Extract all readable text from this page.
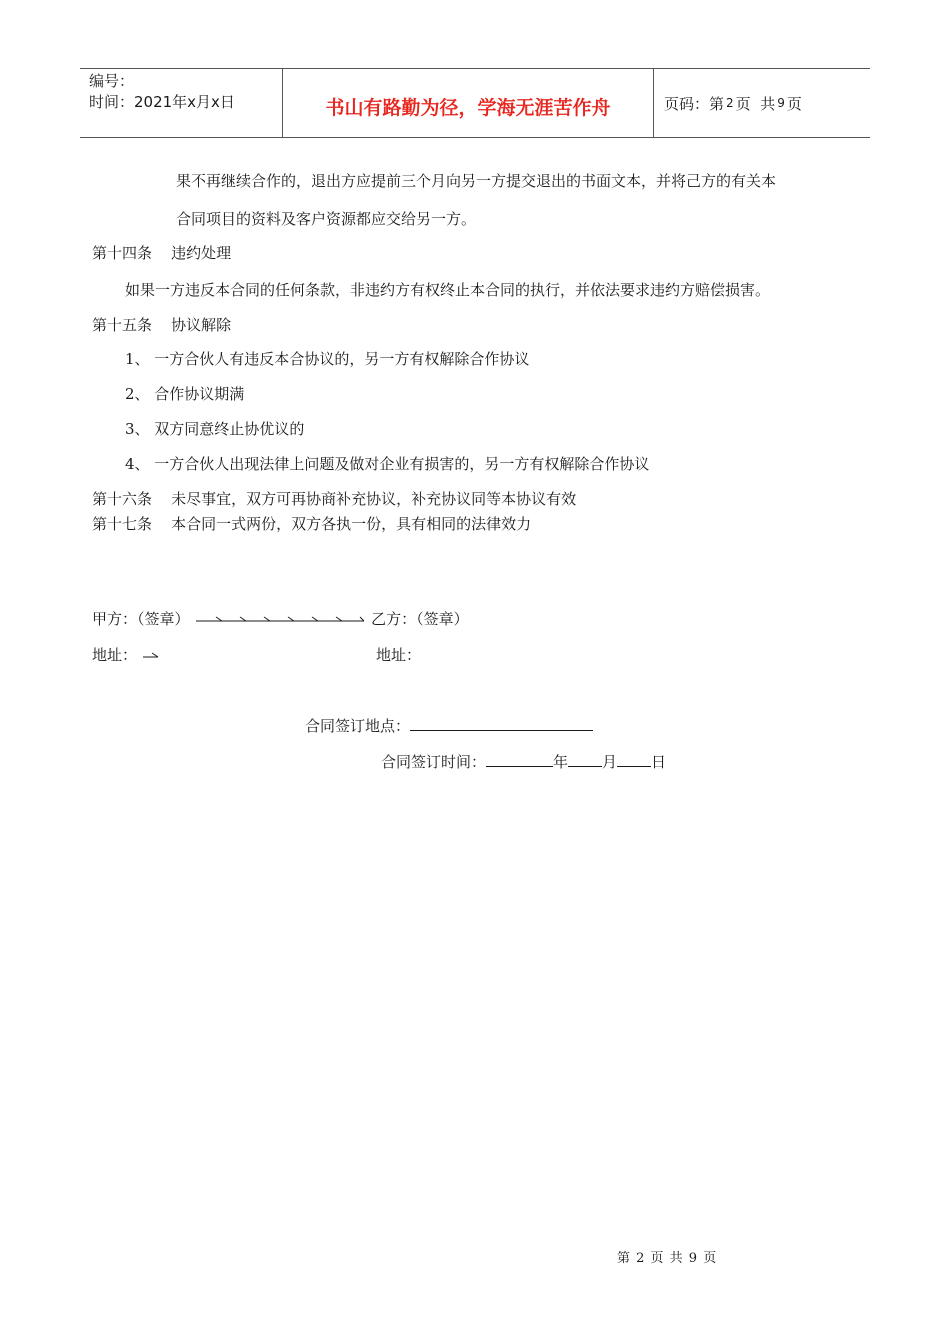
编号：
时间：2021年x月x日	书山有路勤为径，学海无涯苦作舟	页码：第 2 页  共 9 页
果不再继续合作的，退出方应提前三个月向另一方提交退出的书面文本，并将己方的有关本
合同项目的资料及客户资源都应交给另一方。
第十四条    违约处理
如果一方违反本合同的任何条款，非违约方有权终止本合同的执行，并依法要求违约方赔偿损害。
第十五条    协议解除
1、 一方合伙人有违反本合协议的，另一方有权解除合作协议
2、 合作协议期满
3、 双方同意终止协优议的
4、 一方合伙人出现法律上问题及做对企业有损害的，另一方有权解除合作协议
第十六条    未尽事宜，双方可再协商补充协议，补充协议同等本协议有效
第十七条    本合同一式两份，双方各执一份，具有相同的法律效力
甲方：（签章）	乙方：（签章）
地址：	地址：
合同签订地点：
合同签订时间：	年 月 日
第 2 页 共 9 页
